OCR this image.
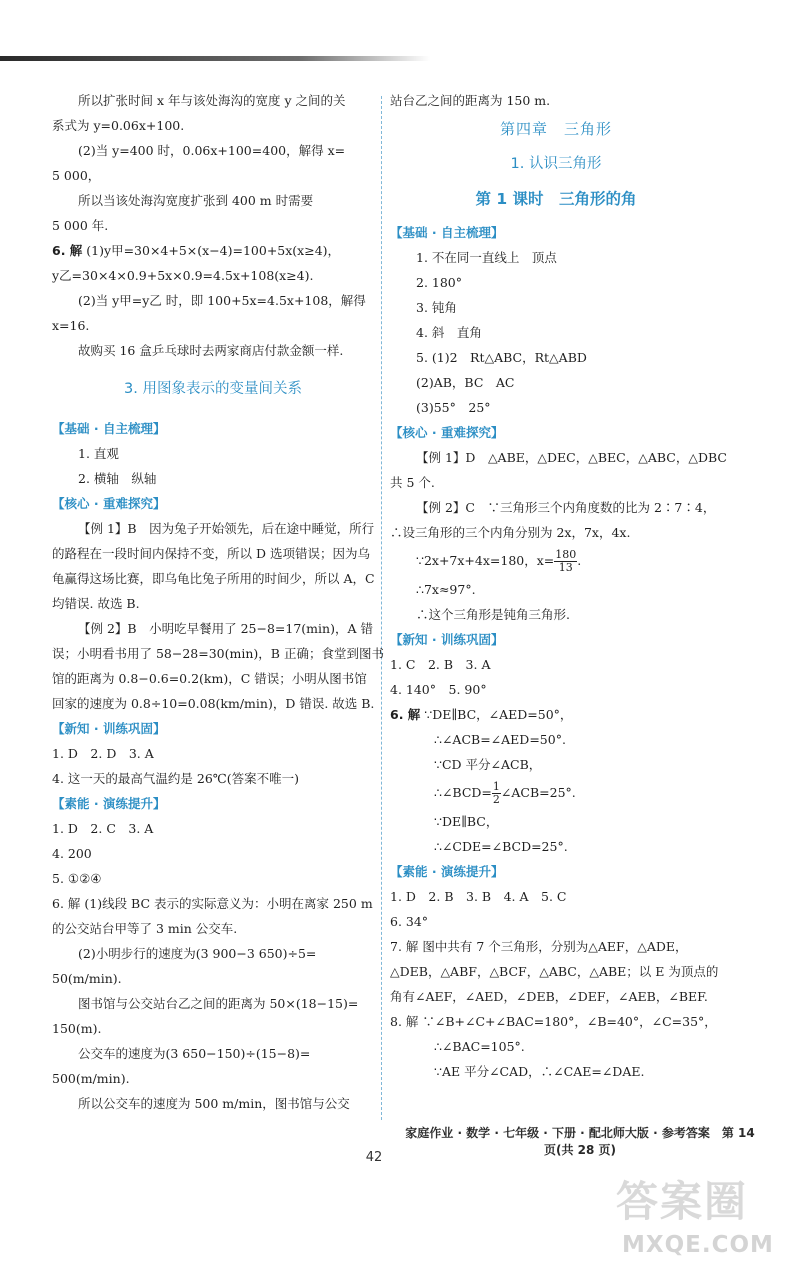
所以扩张时间 x 年与该处海沟的宽度 y 之间的关

系式为 y=0.06x+100.

(2)当 y=400 时，0.06x+100=400，解得 x=

5 000，

所以当该处海沟宽度扩张到 400 m 时需要

5 000 年.

6. 解 (1)y甲=30×4+5×(x−4)=100+5x(x≥4)，

y乙=30×4×0.9+5x×0.9=4.5x+108(x≥4).

(2)当 y甲=y乙 时，即 100+5x=4.5x+108，解得

x=16.

故购买 16 盒乒乓球时去两家商店付款金额一样.

3. 用图象表示的变量间关系

【基础 · 自主梳理】

1. 直观

2. 横轴　纵轴

【核心 · 重难探究】

【例 1】B　因为兔子开始领先，后在途中睡觉，所行

的路程在一段时间内保持不变，所以 D 选项错误；因为乌

龟赢得这场比赛，即乌龟比兔子所用的时间少，所以 A，C

均错误. 故选 B.

【例 2】B　小明吃早餐用了 25−8=17(min)，A 错

误；小明看书用了 58−28=30(min)，B 正确；食堂到图书

馆的距离为 0.8−0.6=0.2(km)，C 错误；小明从图书馆

回家的速度为 0.8÷10=0.08(km/min)，D 错误. 故选 B.

【新知 · 训练巩固】

1. D　2. D　3. A

4. 这一天的最高气温约是 26℃(答案不唯一)

【素能 · 演练提升】

1. D　2. C　3. A

4. 200

5. ①②④

6. 解 (1)线段 BC 表示的实际意义为：小明在离家 250 m

的公交站台甲等了 3 min 公交车.

(2)小明步行的速度为(3 900−3 650)÷5=

50(m/min).

图书馆与公交站台乙之间的距离为 50×(18−15)=

150(m).

公交车的速度为(3 650−150)÷(15−8)=

500(m/min).

所以公交车的速度为 500 m/min，图书馆与公交

站台乙之间的距离为 150 m.

第四章　三角形
1. 认识三角形
第 1 课时　三角形的角

【基础 · 自主梳理】

1. 不在同一直线上　顶点

2. 180°

3. 钝角

4. 斜　直角

5. (1)2　Rt△ABC，Rt△ABD

(2)AB，BC　AC

(3)55°　25°

【核心 · 重难探究】

【例 1】D　△ABE，△DEC，△BEC，△ABC，△DBC

共 5 个.

【例 2】C　∵三角形三个内角度数的比为 2∶7∶4，

∴设三角形的三个内角分别为 2x，7x，4x.

∵2x+7x+4x=180，$x= \frac{180}{13}$ .

∴7x≈97°.

∴这个三角形是钝角三角形.

【新知 · 训练巩固】

1. C　2. B　3. A

4. 140°　5. 90°

6. 解 ∵DE∥BC，∠AED=50°，

∴∠ACB=∠AED=50°.

∵CD 平分∠ACB，

∴∠BCD= $\frac{1}{2}$ ∠ACB=25°.

∵DE∥BC，

∴∠CDE=∠BCD=25°.

【素能 · 演练提升】

1. D　2. B　3. B　4. A　5. C

6. 34°

7. 解 图中共有 7 个三角形，分别为△AEF，△ADE，

△DEB，△ABF，△BCF，△ABC，△ABE；以 E 为顶点的

角有∠AEF，∠AED，∠DEB，∠DEF，∠AEB，∠BEF.

8. 解 ∵∠B+∠C+∠BAC=180°，∠B=40°，∠C=35°，

∴∠BAC=105°.

∵AE 平分∠CAD，∴∠CAE=∠DAE.

家庭作业 · 数学 · 七年级 · 下册 · 配北师大版 · 参考答案　第 14 页(共 28 页)
42
答案圈
MXQE.COM
